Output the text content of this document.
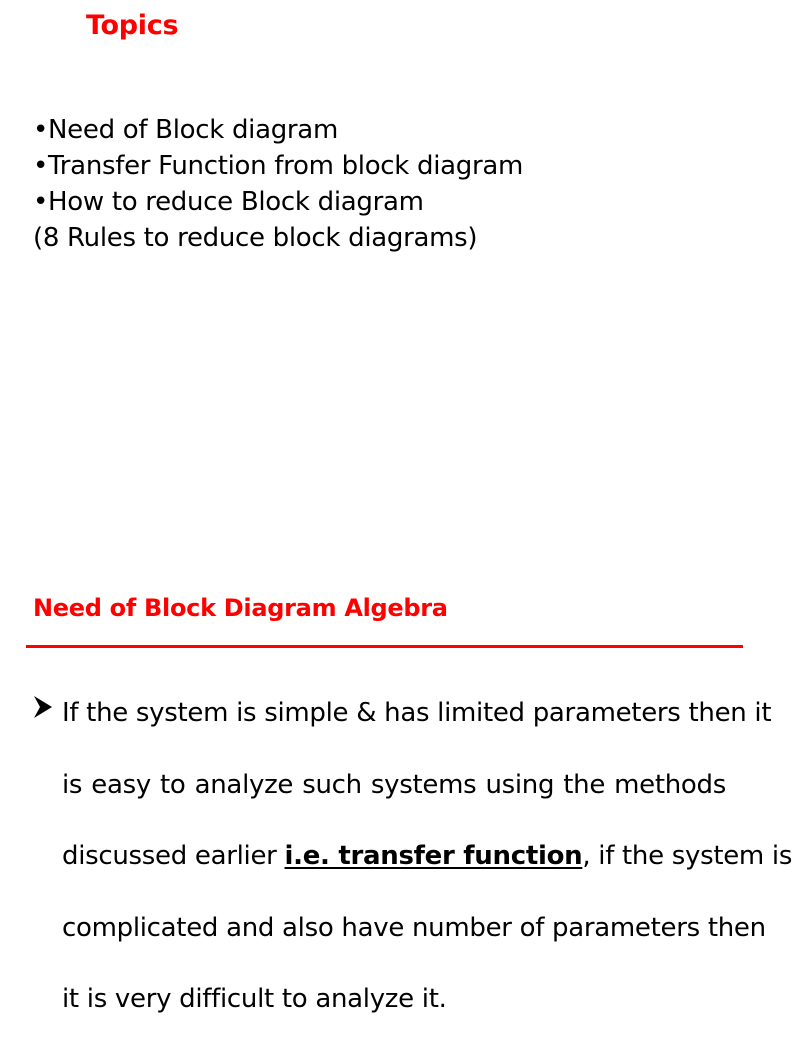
Topics
•Need of Block diagram
•Transfer Function from block diagram
•How to reduce Block diagram
(8 Rules to reduce block diagrams)
Need of Block Diagram Algebra
If the system is simple & has limited parameters then it
is easy to analyze such systems using the methods
discussed earlier i.e. transfer function, if the system is
complicated and also have number of parameters then
it is very difficult to analyze it.
